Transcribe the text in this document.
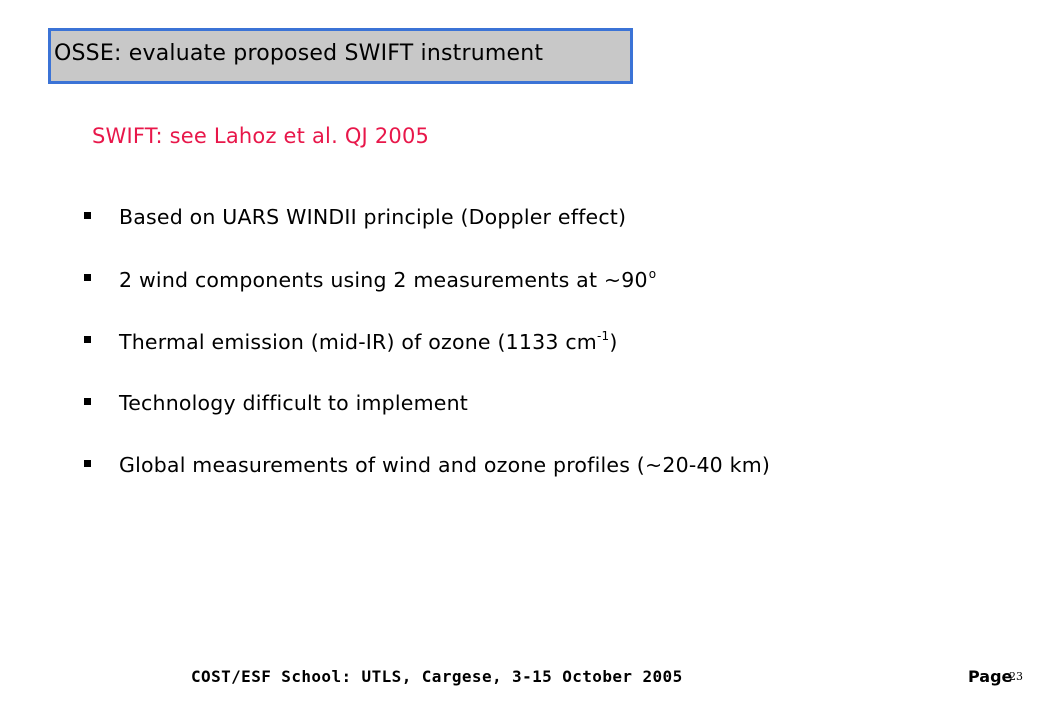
OSSE: evaluate proposed SWIFT instrument
SWIFT: see Lahoz et al. QJ 2005
Based on UARS WINDII principle (Doppler effect)
2 wind components using 2 measurements at ~90$^o$
Thermal emission (mid-IR) of ozone (1133 $cm^{-1}$)
Technology difficult to implement
Global measurements of wind and ozone profiles (~20-40 km)
COST/ESF School: UTLS, Cargese, 3-15 October 2005	Page
23
